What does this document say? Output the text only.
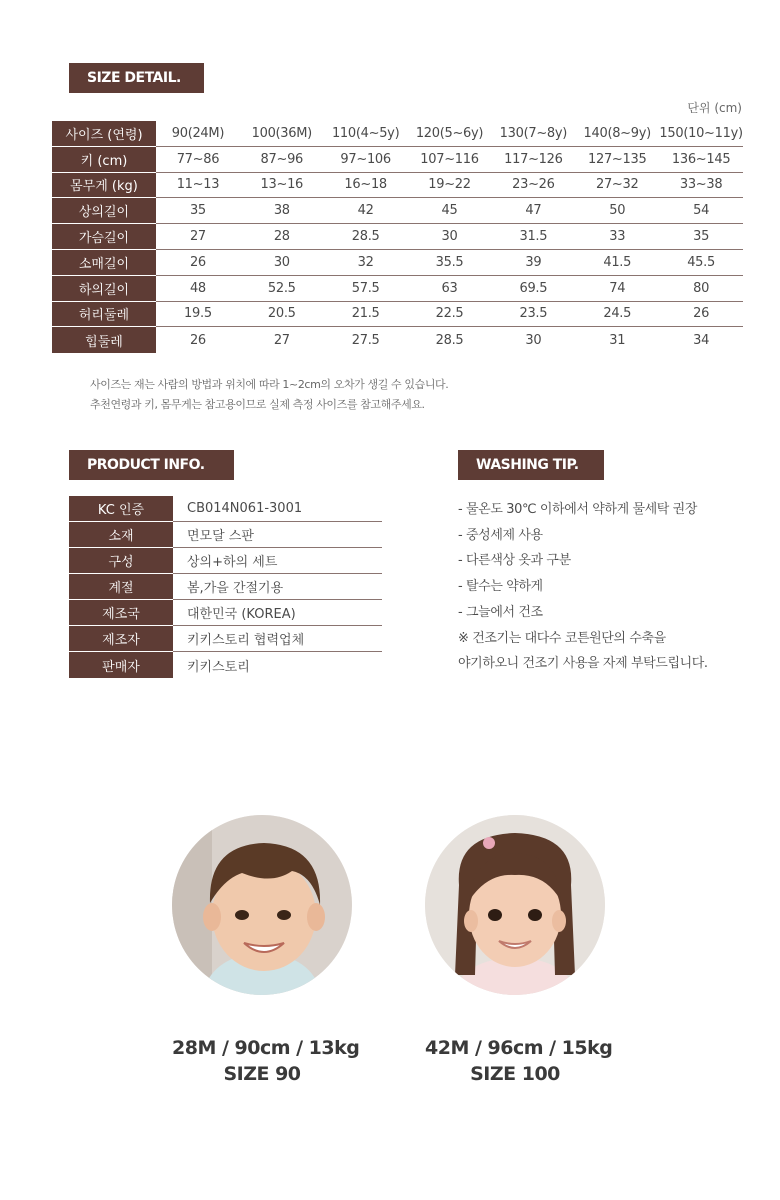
SIZE DETAIL.
단위 (cm)
사이즈 (연령)	90(24M)	100(36M)	110(4~5y)	120(5~6y)	130(7~8y)	140(8~9y) 150(10~11y)
키 (cm)	77~86	87~96	97~106	107~116	117~126	127~135	136~145
몸무게 (kg)	11~13	13~16	16~18	19~22	23~26	27~32	33~38
상의길이	35	38	42	45	47	50	54
가슴길이	27	28	28.5	30	31.5	33	35
소매길이	26	30	32	35.5	39	41.5	45.5
하의길이	48	52.5	57.5	63	69.5	74	80
허리둘레	19.5	20.5	21.5	22.5	23.5	24.5	26
힙둘레	26	27	27.5	28.5	30	31	34
사이즈는 재는 사람의 방법과 위치에 따라 1~2cm의 오차가 생길 수 있습니다.
추천연령과 키, 몸무게는 참고용이므로 실제 측정 사이즈를 참고해주세요.
PRODUCT INFO.
KC 인증	CB014N061-3001
소재	면모달 스판
구성	상의+하의 세트
계절	봄,가을 간절기용
제조국	대한민국 (KOREA)
제조자	키키스토리 협력업체
판매자	키키스토리
WASHING TIP.
- 물온도 30℃ 이하에서 약하게 물세탁 권장
- 중성세제 사용
- 다른색상 옷과 구분
- 탈수는 약하게
- 그늘에서 건조
※ 건조기는 대다수 코튼원단의 수축을
야기하오니 건조기 사용을 자제 부탁드립니다.
28M / 90cm / 13kg
SIZE 90
42M / 96cm / 15kg
SIZE 100
